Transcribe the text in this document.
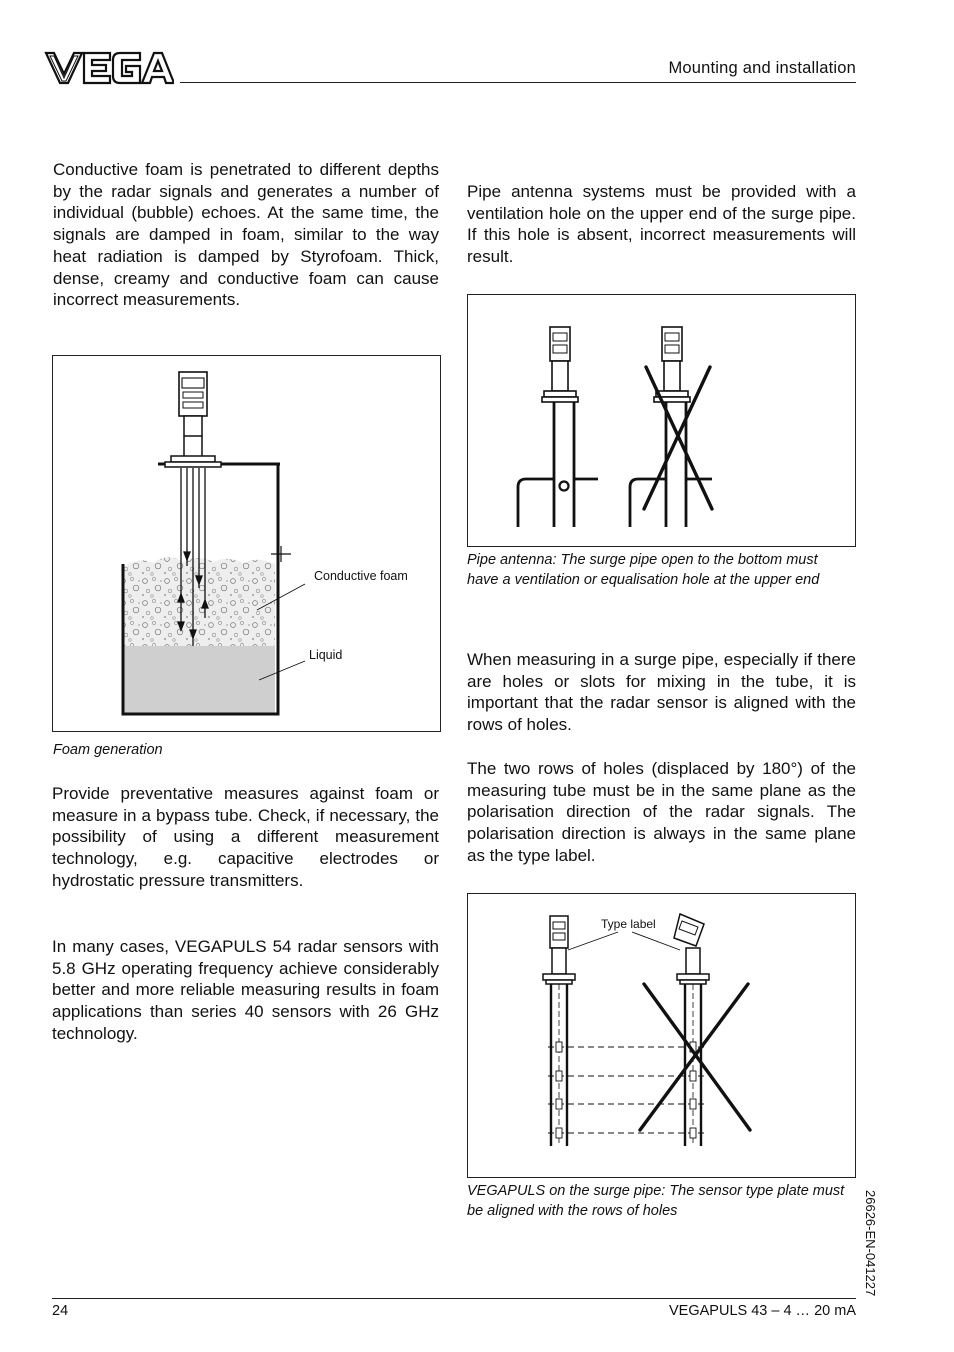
Mounting and installation

Conductive foam is penetrated to different depths by the radar signals and generates a number of individual (bubble) echoes. At the same time, the signals are damped in foam, similar to the way heat radiation is damped by Styrofoam. Thick, dense, creamy and conductive foam can cause incorrect measurements.

Conductive foam
Liquid
Foam generation

Provide preventative measures against foam or measure in a bypass tube. Check, if necessary, the possibility of using a different measurement technology, e.g. capacitive electrodes or hydrostatic pressure transmitters.

In many cases, VEGAPULS 54 radar sensors with 5.8 GHz operating frequency achieve considerably better and more reliable measuring results in foam applications than series 40 sensors with 26 GHz technology.

Pipe antenna systems must be provided with a ventilation hole on the upper end of the surge pipe. If this hole is absent, incorrect measurements will result.

Pipe antenna: The surge pipe open to the bottom must have a ventilation or equalisation hole at the upper end

When measuring in a surge pipe, especially if there are holes or slots for mixing in the tube, it is important that the radar sensor is aligned with the rows of holes.

The two rows of holes (displaced by 180°) of the measuring tube must be in the same plane as the polarisation direction of the radar signals. The polarisation direction is always in the same plane as the type label.

Type label
VEGAPULS on the surge pipe: The sensor type plate must be aligned with the rows of holes	26626-EN-041227
24	VEGAPULS 43 – 4 … 20 mA
